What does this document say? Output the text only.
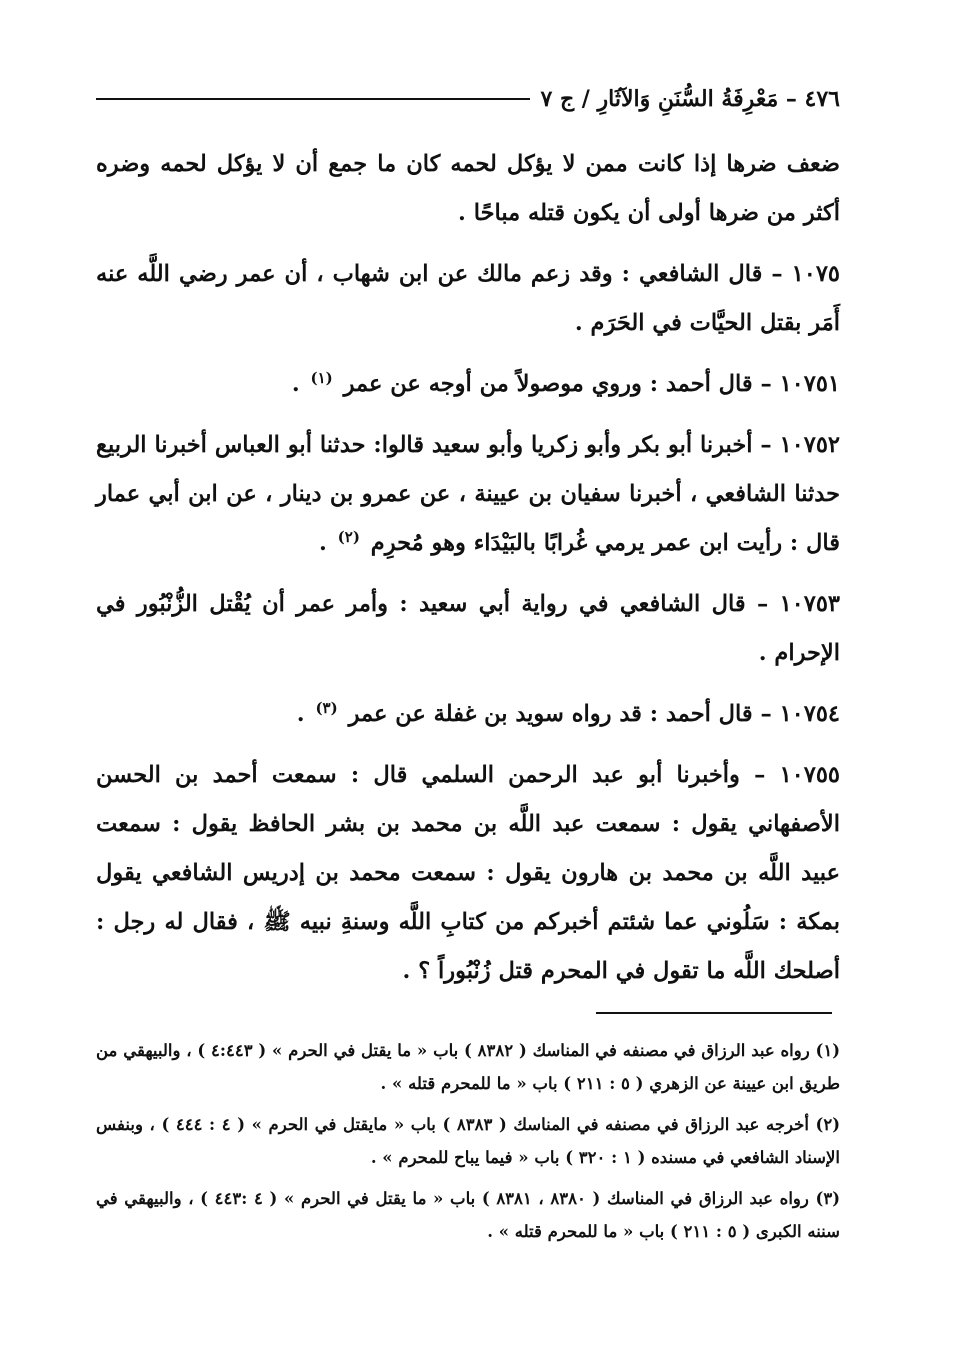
٤٧٦ – مَعْرِفَةُ السُّنَنِ وَالآثَارِ / ج ٧

ضعف ضرها إذا كانت ممن لا يؤكل لحمه كان ما جمع أن لا يؤكل لحمه وضره أكثر من ضرها أولى أن يكون قتله مباحًا .

١٠٧٥ – قال الشافعي : وقد زعم مالك عن ابن شهاب ، أن عمر رضي اللَّه عنه أَمَر بقتل الحيَّات في الحَرَم .

١٠٧٥١ – قال أحمد : وروي موصولاً من أوجه عن عمر $^{(١)}$ .

١٠٧٥٢ – أخبرنا أبو بكر وأبو زكريا وأبو سعيد قالوا: حدثنا أبو العباس أخبرنا الربيع حدثنا الشافعي ، أخبرنا سفيان بن عيينة ، عن عمرو بن دينار ، عن ابن أبي عمار قال : رأيت ابن عمر يرمي غُرابًا بالبَيْدَاء وهو مُحرِم $^{(٢)}$ .

١٠٧٥٣ – قال الشافعي في رواية أبي سعيد : وأمر عمر أن يُقْتل الزُّنْبُور في الإحرام .

١٠٧٥٤ – قال أحمد : قد رواه سويد بن غفلة عن عمر $^{(٣)}$ .

١٠٧٥٥ – وأخبرنا أبو عبد الرحمن السلمي قال : سمعت أحمد بن الحسن الأصفهاني يقول : سمعت عبد اللَّه بن محمد بن بشر الحافظ يقول : سمعت عبيد اللَّه بن محمد بن هارون يقول : سمعت محمد بن إدريس الشافعي يقول بمكة : سَلُوني عما شئتم أخبركم من كتابِ اللَّه وسنةِ نبيه ﷺ ، فقال له رجل : أصلحك اللَّه ما تقول في المحرم قتل زُنْبُوراً ؟ .

(١) رواه عبد الرزاق في مصنفه في المناسك ( ٨٣٨٢ ) باب « ما يقتل في الحرم » ( ٤:٤٤٣ ) ، والبيهقي من طريق ابن عيينة عن الزهري ( ٥ : ٢١١ ) باب « ما للمحرم قتله » .

(٢) أخرجه عبد الرزاق في مصنفه في المناسك ( ٨٣٨٣ ) باب « مايقتل في الحرم » ( ٤ : ٤٤٤ ) ، وبنفس الإسناد الشافعي في مسنده ( ١ : ٣٢٠ ) باب « فيما يباح للمحرم » .

(٣) رواه عبد الرزاق في المناسك ( ٨٣٨٠ ، ٨٣٨١ ) باب « ما يقتل في الحرم » ( ٤ :٤٤٣ ) ، والبيهقي في سننه الكبرى ( ٥ : ٢١١ ) باب « ما للمحرم قتله » .
